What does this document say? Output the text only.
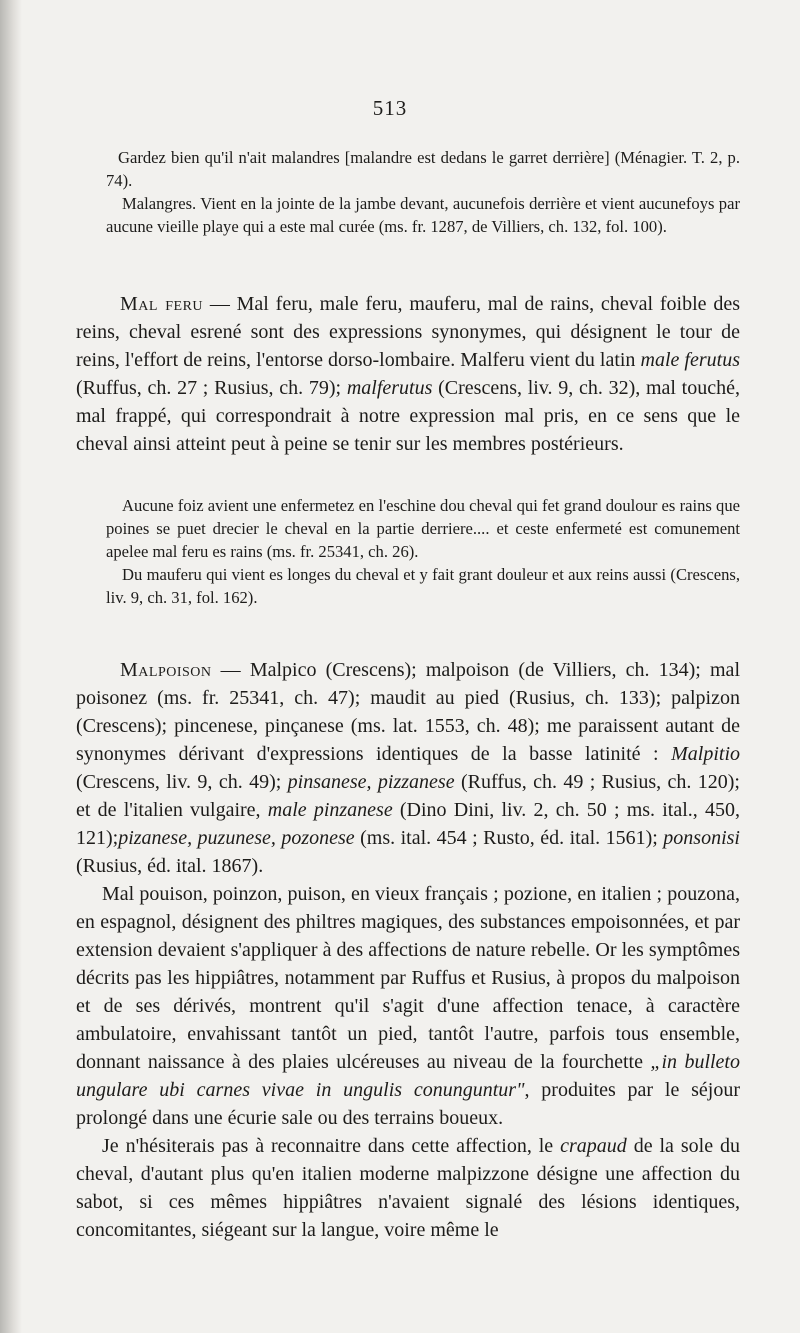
513

Gardez bien qu'il n'ait malandres [malandre est dedans le garret derrière] (Ménagier. T. 2, p. 74).

Malangres. Vient en la jointe de la jambe devant, aucunefois derrière et vient aucunefoys par aucune vieille playe qui a este mal curée (ms. fr. 1287, de Villiers, ch. 132, fol. 100).

Mal feru — Mal feru, male feru, mauferu, mal de rains, cheval foible des reins, cheval esrené sont des expressions synonymes, qui désignent le tour de reins, l'effort de reins, l'entorse dorso-lombaire. Malferu vient du latin male ferutus (Ruffus, ch. 27 ; Rusius, ch. 79); malferutus (Crescens, liv. 9, ch. 32), mal touché, mal frappé, qui correspondrait à notre expression mal pris, en ce sens que le cheval ainsi atteint peut à peine se tenir sur les membres postérieurs.

Aucune foiz avient une enfermetez en l'eschine dou cheval qui fet grand doulour es rains que poines se puet drecier le cheval en la partie derriere.... et ceste enfermeté est comunement apelee mal feru es rains (ms. fr. 25341, ch. 26).

Du mauferu qui vient es longes du cheval et y fait grant douleur et aux reins aussi (Crescens, liv. 9, ch. 31, fol. 162).

Malpoison — Malpico (Crescens); malpoison (de Villiers, ch. 134); mal poisonez (ms. fr. 25341, ch. 47); maudit au pied (Rusius, ch. 133); palpizon (Crescens); pincenese, pinçanese (ms. lat. 1553, ch. 48); me paraissent autant de synonymes dérivant d'expressions identiques de la basse latinité : Malpitio (Crescens, liv. 9, ch. 49); pinsanese, pizzanese (Ruffus, ch. 49 ; Rusius, ch. 120); et de l'italien vulgaire, male pinzanese (Dino Dini, liv. 2, ch. 50 ; ms. ital., 450, 121);pizanese, puzunese, pozonese (ms. ital. 454 ; Rusto, éd. ital. 1561); ponsonisi (Rusius, éd. ital. 1867).

Mal pouison, poinzon, puison, en vieux français ; pozione, en italien ; pouzona, en espagnol, désignent des philtres magiques, des substances empoisonnées, et par extension devaient s'appliquer à des affections de nature rebelle. Or les symptômes décrits pas les hippiâtres, notamment par Ruffus et Rusius, à propos du malpoison et de ses dérivés, montrent qu'il s'agit d'une affection tenace, à caractère ambulatoire, envahissant tantôt un pied, tantôt l'autre, parfois tous ensemble, donnant naissance à des plaies ulcéreuses au niveau de la fourchette „in bulleto ungulare ubi carnes vivae in ungulis conunguntur", produites par le séjour prolongé dans une écurie sale ou des terrains boueux.

Je n'hésiterais pas à reconnaitre dans cette affection, le crapaud de la sole du cheval, d'autant plus qu'en italien moderne malpizzone désigne une affection du sabot, si ces mêmes hippiâtres n'avaient signalé des lésions identiques, concomitantes, siégeant sur la langue, voire même le
